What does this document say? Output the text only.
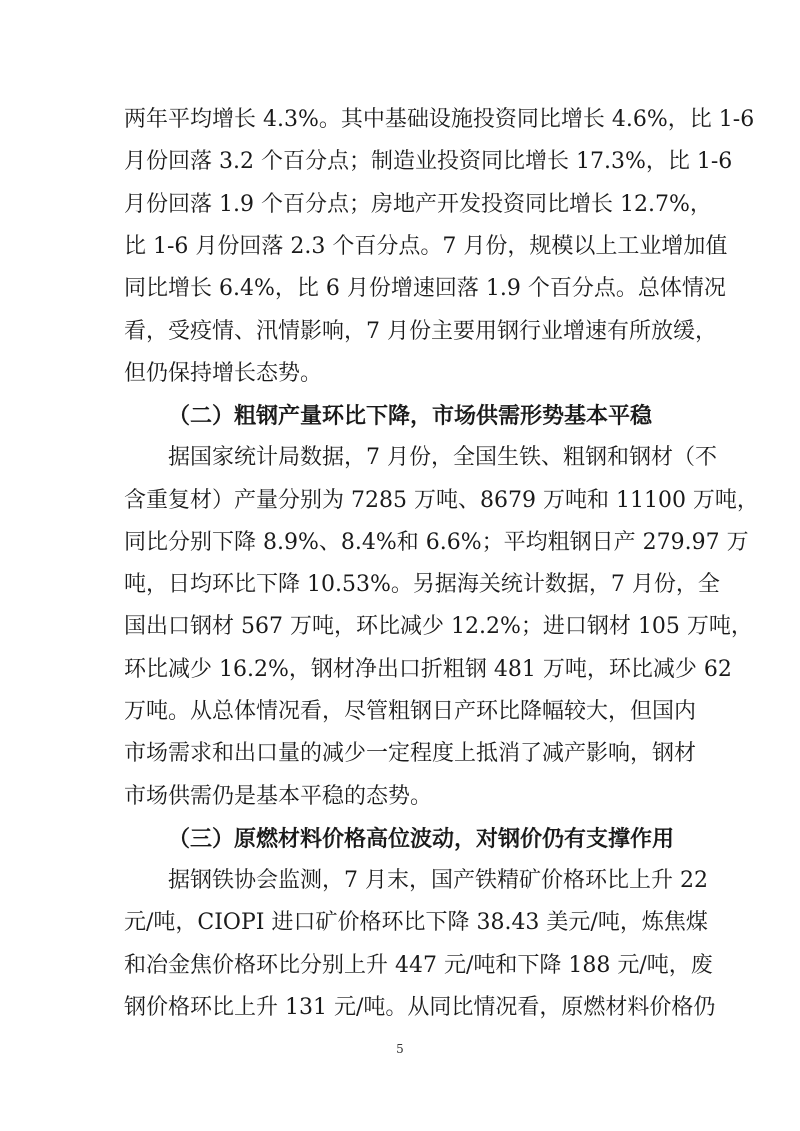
两年平均增长 4.3%。其中基础设施投资同比增长 4.6%，比 1-6
月份回落 3.2 个百分点；制造业投资同比增长 17.3%，比 1-6
月份回落 1.9 个百分点；房地产开发投资同比增长 12.7%，
比 1-6 月份回落 2.3 个百分点。7 月份，规模以上工业增加值
同比增长 6.4%，比 6 月份增速回落 1.9 个百分点。总体情况
看，受疫情、汛情影响，7 月份主要用钢行业增速有所放缓，
但仍保持增长态势。
（二）粗钢产量环比下降，市场供需形势基本平稳
据国家统计局数据，7 月份，全国生铁、粗钢和钢材（不
含重复材）产量分别为 7285 万吨、8679 万吨和 11100 万吨，
同比分别下降 8.9%、8.4%和 6.6%；平均粗钢日产 279.97 万
吨，日均环比下降 10.53%。另据海关统计数据，7 月份，全
国出口钢材 567 万吨，环比减少 12.2%；进口钢材 105 万吨，
环比减少 16.2%，钢材净出口折粗钢 481 万吨，环比减少 62
万吨。从总体情况看，尽管粗钢日产环比降幅较大，但国内
市场需求和出口量的减少一定程度上抵消了减产影响，钢材
市场供需仍是基本平稳的态势。
（三）原燃材料价格高位波动，对钢价仍有支撑作用
据钢铁协会监测，7 月末，国产铁精矿价格环比上升 22
元/吨，CIOPI 进口矿价格环比下降 38.43 美元/吨，炼焦煤
和冶金焦价格环比分别上升 447 元/吨和下降 188 元/吨，废
钢价格环比上升 131 元/吨。从同比情况看，原燃材料价格仍
5
